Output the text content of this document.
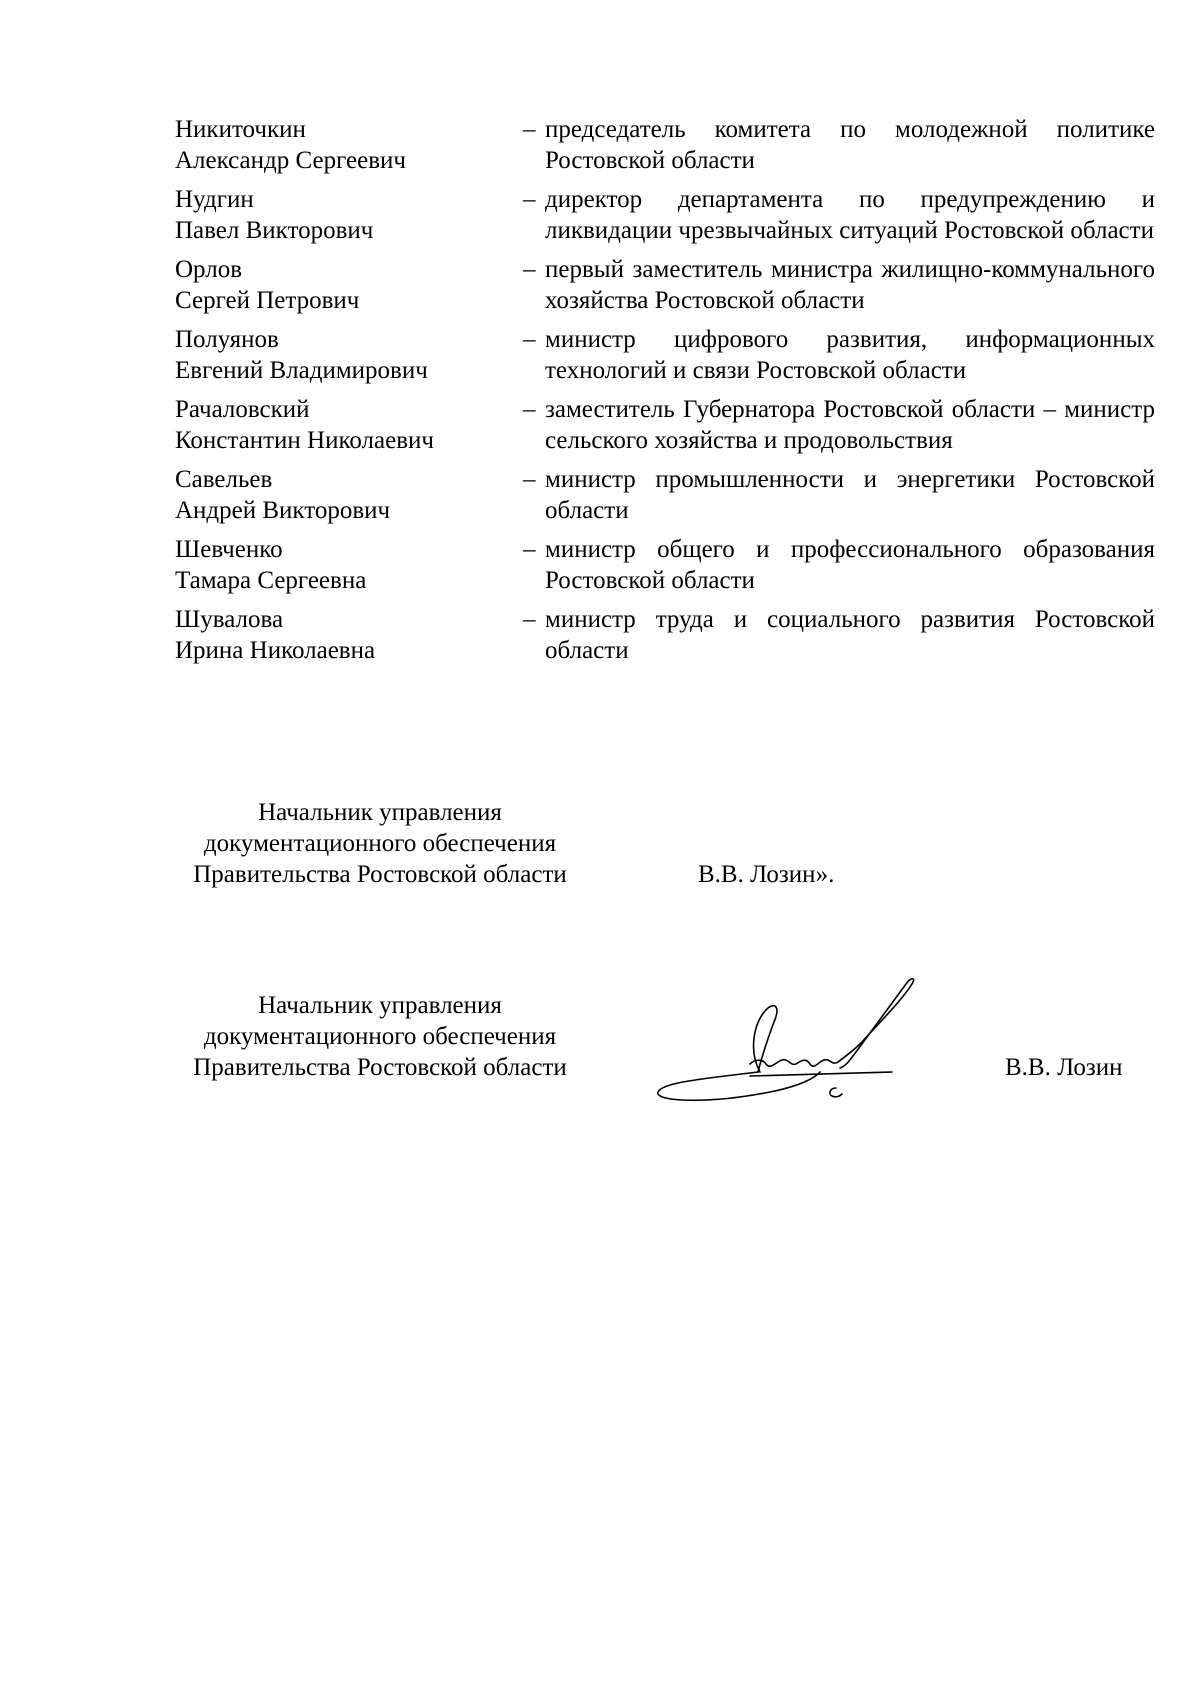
Никиточкин
Александр Сергеевич
– председатель комитета по молодежной политике Ростовской области
Нудгин
Павел Викторович
– директор департамента по предупреждению и ликвидации чрезвычайных ситуаций Ростовской области
Орлов
Сергей Петрович
– первый заместитель министра жилищно-коммунального хозяйства Ростовской области
Полуянов
Евгений Владимирович
– министр цифрового развития, информационных технологий и связи Ростовской области
Рачаловский
Константин Николаевич
– заместитель Губернатора Ростовской области – министр сельского хозяйства и продовольствия
Савельев
Андрей Викторович
– министр промышленности и энергетики Ростовской области
Шевченко
Тамара Сергеевна
– министр общего и профессионального образования Ростовской области
Шувалова
Ирина Николаевна
– министр труда и социального развития Ростовской области
Начальник управления
документационного обеспечения
Правительства Ростовской области	В.В. Лозин».
Начальник управления
документационного обеспечения
Правительства Ростовской области	В.В. Лозин
